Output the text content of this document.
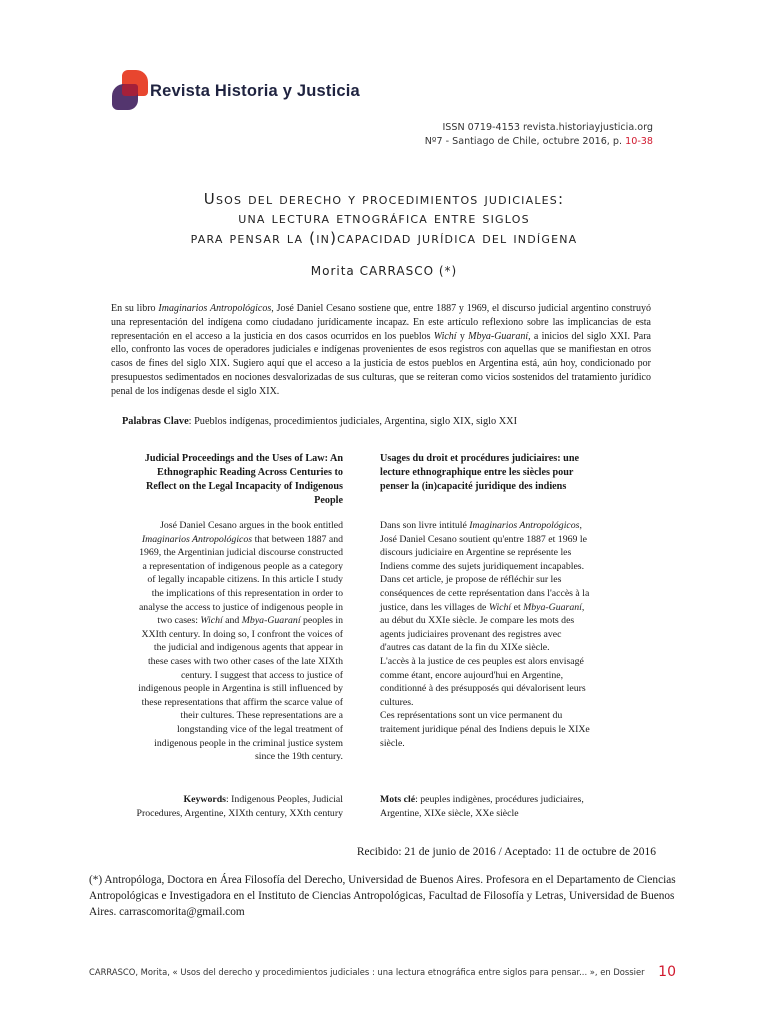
Revista Historia y Justicia
ISSN 0719-4153 revista.historiayjusticia.org
Nº7 - Santiago de Chile, octubre 2016, p. 10-38
Usos del derecho y procedimientos judiciales:
una lectura etnográfica entre siglos
para pensar la (in)capacidad jurídica del indígena
Morita CARRASCO (*)
En su libro Imaginarios Antropológicos, José Daniel Cesano sostiene que, entre 1887 y 1969, el discurso judicial argentino construyó una representación del indígena como ciudadano jurídicamente incapaz. En este artículo reflexiono sobre las implicancias de esta representación en el acceso a la justicia en dos casos ocurridos en los pueblos Wichí y Mbya-Guaraní, a inicios del siglo XXI. Para ello, confronto las voces de operadores judiciales e indígenas provenientes de esos registros con aquellas que se manifiestan en otros casos de fines del siglo XIX. Sugiero aquí que el acceso a la justicia de estos pueblos en Argentina está, aún hoy, condicionado por presupuestos sedimentados en nociones desvalorizadas de sus culturas, que se reiteran como vicios sostenidos del tratamiento jurídico penal de los indígenas desde el siglo XIX.
Palabras Clave: Pueblos indígenas, procedimientos judiciales, Argentina, siglo XIX, siglo XXI
Judicial Proceedings and the Uses of Law: An Ethnographic Reading Across Centuries to Reflect on the Legal Incapacity of Indigenous People
José Daniel Cesano argues in the book entitled Imaginarios Antropológicos that between 1887 and 1969, the Argentinian judicial discourse constructed a representation of indigenous people as a category of legally incapable citizens. In this article I study the implications of this representation in order to analyse the access to justice of indigenous people in two cases: Wichí and Mbya-Guaraní peoples in XXIth century. In doing so, I confront the voices of the judicial and indigenous agents that appear in these cases with two other cases of the late XIXth century. I suggest that access to justice of indigenous people in Argentina is still influenced by these representations that affirm the scarce value of their cultures. These representations are a longstanding vice of the legal treatment of indigenous people in the criminal justice system since the 19th century.
Keywords: Indigenous Peoples, Judicial Procedures, Argentine, XIXth century, XXth century
Usages du droit et procédures judiciaires: une lecture ethnographique entre les siècles pour penser la (in)capacité juridique des indiens

Dans son livre intitulé Imaginarios Antropológicos, José Daniel Cesano soutient qu'entre 1887 et 1969 le discours judiciaire en Argentine se représente les Indiens comme des sujets juridiquement incapables.

Dans cet article, je propose de réfléchir sur les conséquences de cette représentation dans l'accès à la justice, dans les villages de Wichí et Mbya-Guaraní, au début du XXIe siècle. Je compare les mots des agents judiciaires provenant des registres avec d'autres cas datant de la fin du XIXe siècle.

L'accès à la justice de ces peuples est alors envisagé comme étant, encore aujourd'hui en Argentine, conditionné à des présupposés qui dévalorisent leurs cultures.

Ces représentations sont un vice permanent du traitement juridique pénal des Indiens depuis le XIXe siècle.

Mots clé: peuples indigènes, procédures judiciaires, Argentine, XIXe siècle, XXe siècle
Recibido: 21 de junio de 2016 / Aceptado: 11 de octubre de 2016
(*) Antropóloga, Doctora en Área Filosofía del Derecho, Universidad de Buenos Aires. Profesora en el Departamento de Ciencias Antropológicas e Investigadora en el Instituto de Ciencias Antropológicas, Facultad de Filosofía y Letras, Universidad de Buenos Aires. carrascomorita@gmail.com
CARRASCO, Morita, « Usos del derecho y procedimientos judiciales : una lectura etnográfica entre siglos para pensar... », en Dossier 10
